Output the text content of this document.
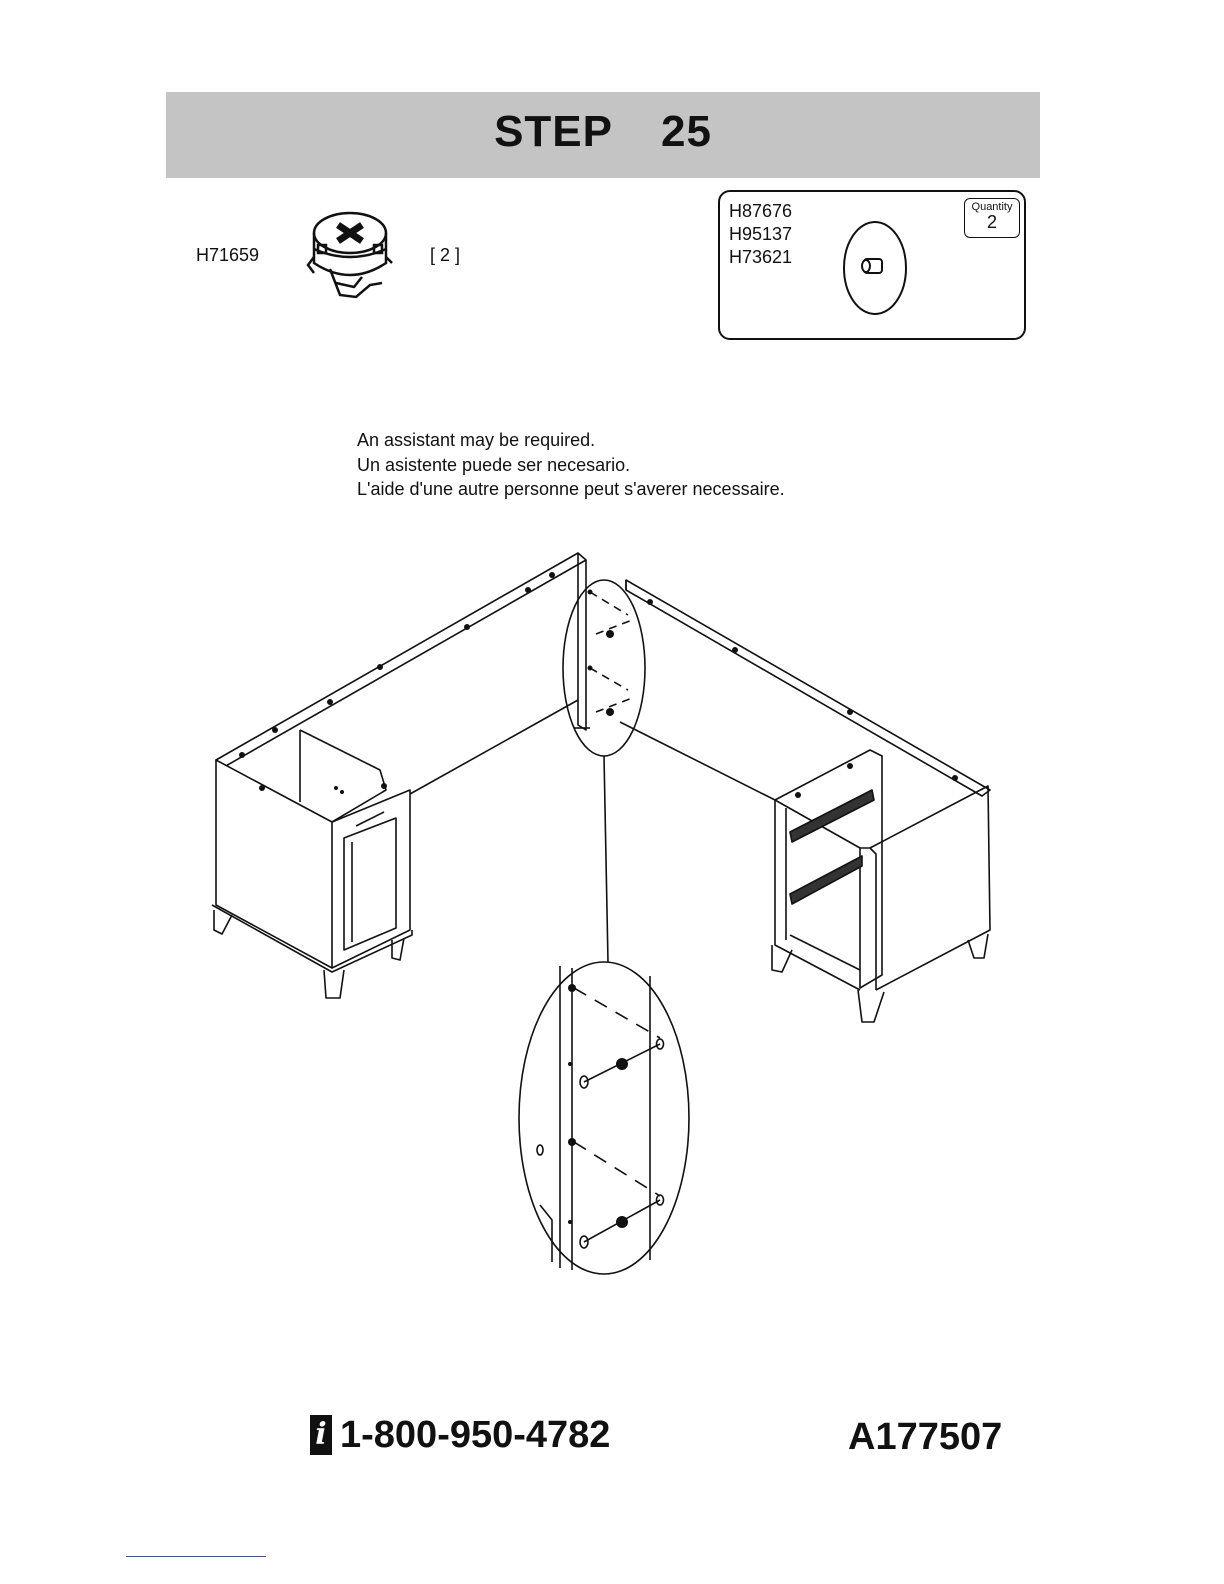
STEP 25
H71659	[ 2 ]
H87676
H95137
H73621
Quantity
2
An assistant may be required.
Un asistente puede ser necesario.
L'aide d'une autre personne peut s'averer necessaire.
i 1-800-950-4782	A177507
